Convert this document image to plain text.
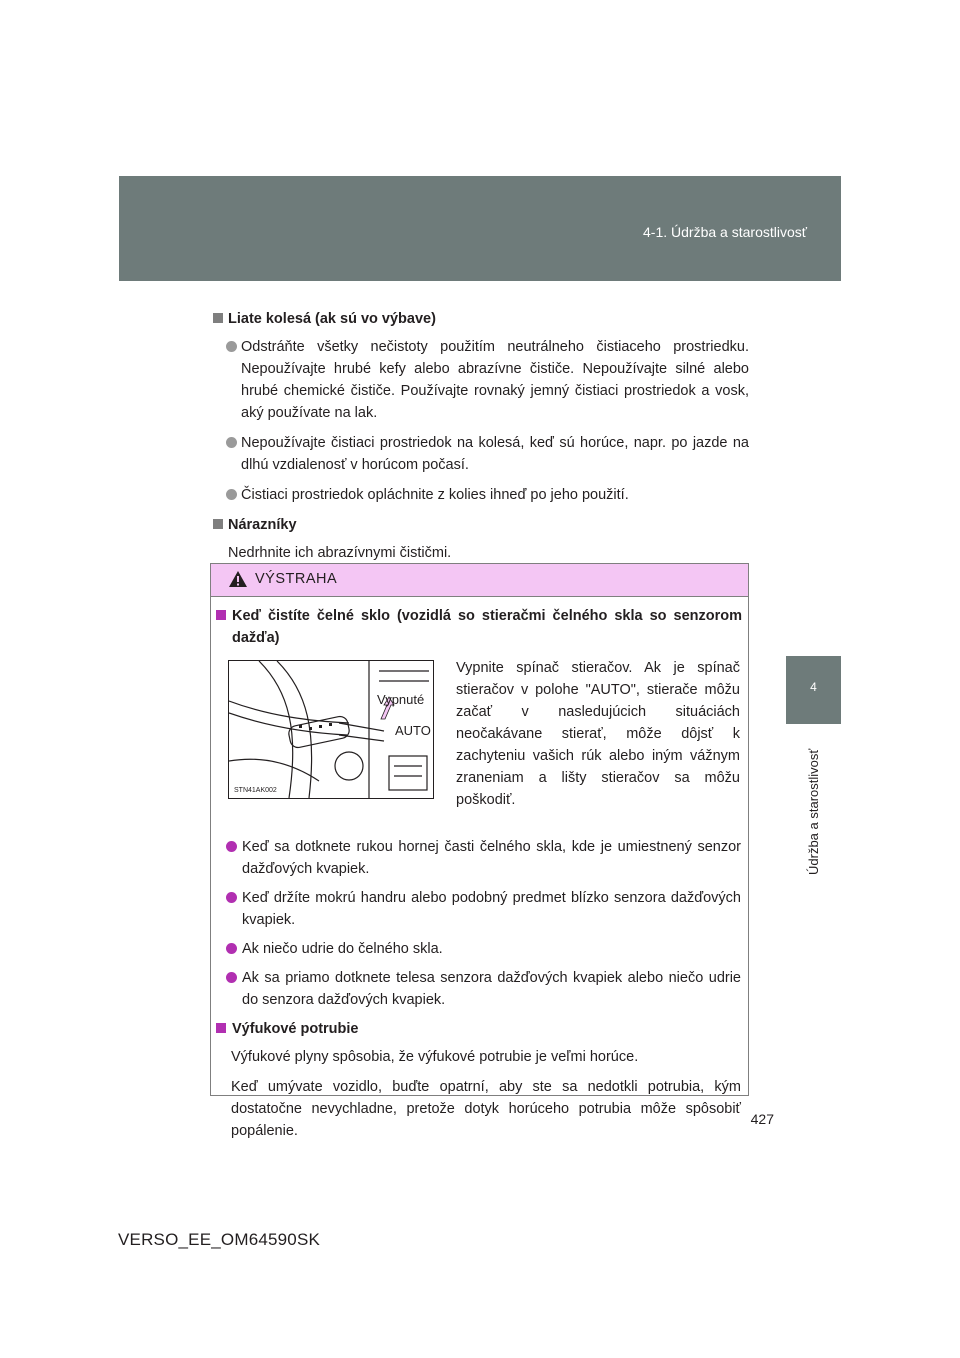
4-1. Údržba a starostlivosť
4
Údržba a starostlivosť

Liate kolesá (ak sú vo výbave)

Odstráňte všetky nečistoty použitím neutrálneho čistiaceho prostriedku. Nepoužívajte hrubé kefy alebo abrazívne čističe. Nepoužívajte silné alebo hrubé chemické čističe. Používajte rovnaký jemný čistiaci prostriedok a vosk, aký používate na lak.

Nepoužívajte čistiaci prostriedok na kolesá, keď sú horúce, napr. po jazde na dlhú vzdialenosť v horúcom počasí.

Čistiaci prostriedok opláchnite z kolies ihneď po jeho použití.

Nárazníky

Nedrhnite ich abrazívnymi čističmi.

VÝSTRAHA

Keď čistíte čelné sklo (vozidlá so stieračmi čelného skla so senzorom dažďa)

Keď sa dotknete rukou hornej časti čelného skla, kde je umiestnený senzor dažďových kvapiek.

Keď držíte mokrú handru alebo podobný predmet blízko senzora dažďových kvapiek.

Ak niečo udrie do čelného skla.

Ak sa priamo dotknete telesa senzora dažďových kvapiek alebo niečo udrie do senzora dažďových kvapiek.

Výfukové potrubie

Výfukové plyny spôsobia, že výfukové potrubie je veľmi horúce.

Keď umývate vozidlo, buďte opatrní, aby ste sa nedotkli potrubia, kým dostatočne nevychladne, pretože dotyk horúceho potrubia môže spôsobiť popálenie.

Vypnuté
AUTO
STN41AK002
Vypnite spínač stieračov. Ak je spínač stieračov v polohe "AUTO", stierače môžu začať v nasledujúcich situáciách neočakávane stierať, môže dôjsť k zachyteniu vašich rúk alebo iným vážnym zraneniam a lišty stieračov sa môžu poškodiť.
427
VERSO_EE_OM64590SK
